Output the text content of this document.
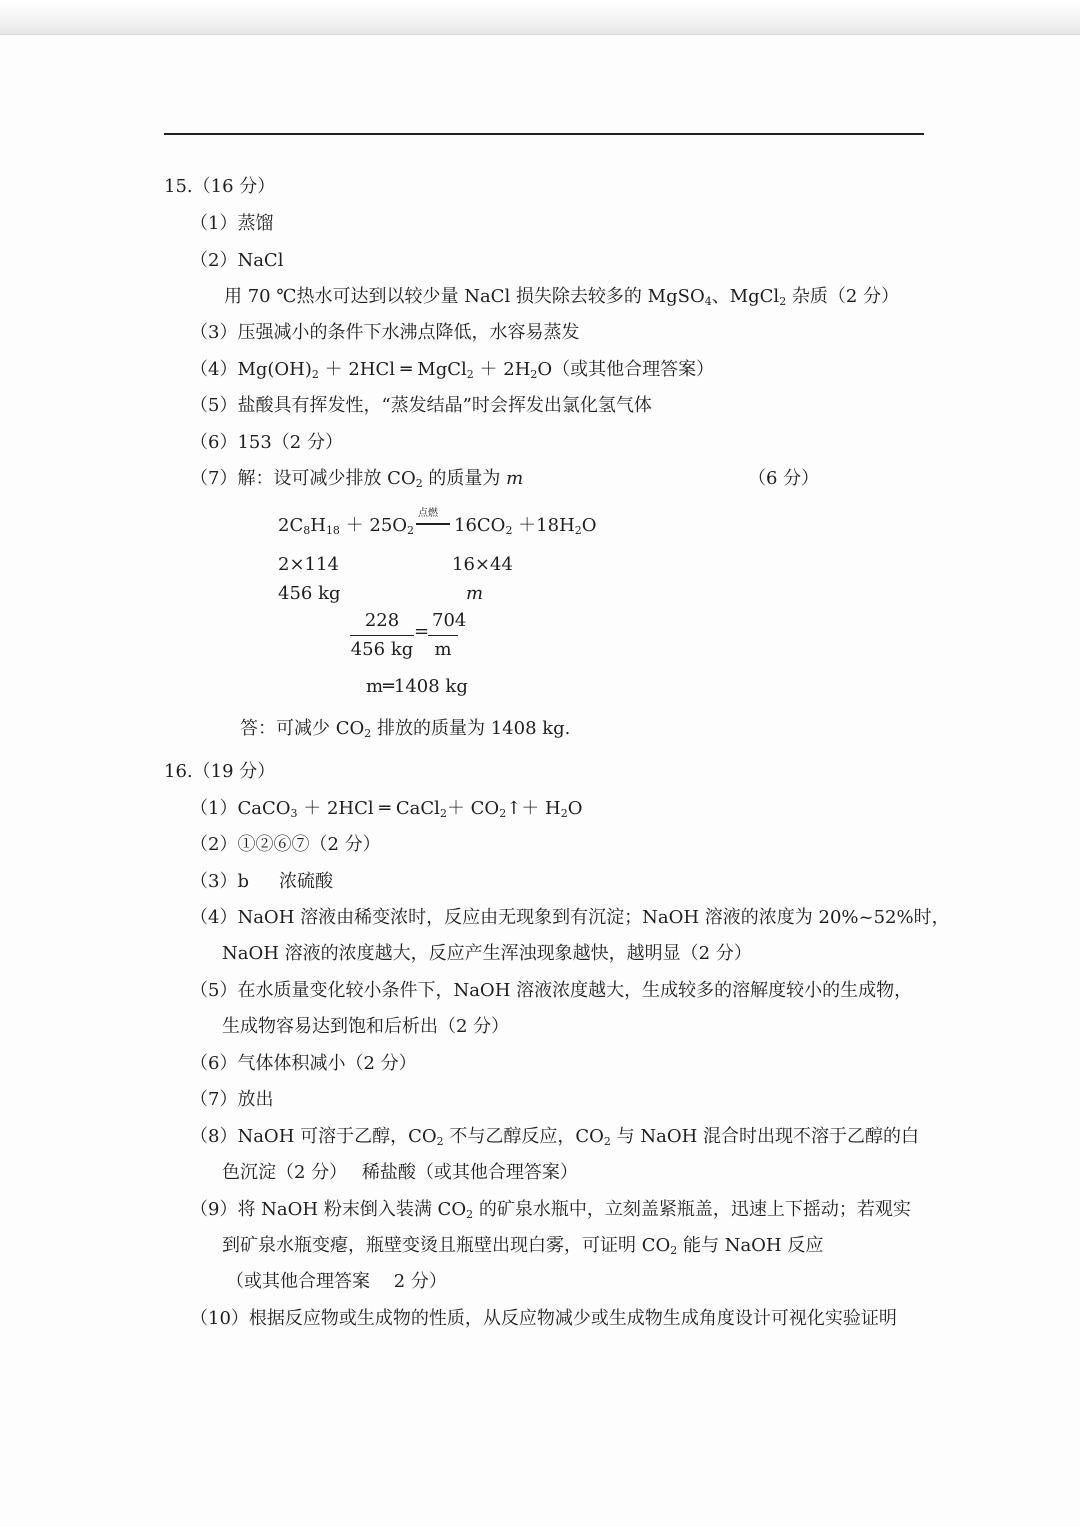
15.（16 分）
（1）蒸馏
（2）NaCl
用 70 ℃热水可达到以较少量 NaCl 损失除去较多的 MgSO$_4$、MgCl$_2$ 杂质（2 分）
（3）压强减小的条件下水沸点降低，水容易蒸发
$(4)Mg(OH)_2 + 2HCl$ ═ MgCl$_2$ ＋ $2H_2O$（或其他合理答案）
（5）盐酸具有挥发性，“蒸发结晶”时会挥发出氯化氢气体
（6）153（2 分）
（7）解：设可减少排放 $CO_2$ 的质量为 m	（6 分）
$2C_8H_{18} + 25O_2$
点燃
$16CO_2 +18H_2O$
2×114	16×44
456 kg	m
$\frac{228}{456 kg}$ =
$\frac{704}{m}$
m═1408 kg
答：可减少 $CO_2$ 排放的质量为 1408 kg.
16.（19 分）
（1）CaCO$_3$ ＋ 2HCl ═ CaCl$_2$＋ $CO_2↑+ H_2O$
（2）①②⑥⑦（2 分）
（3）b 浓硫酸
（4）NaOH 溶液由稀变浓时，反应由无现象到有沉淀；NaOH 溶液的浓度为 20%~52%时，
NaOH 溶液的浓度越大，反应产生浑浊现象越快，越明显（2 分）
（5）在水质量变化较小条件下，NaOH 溶液浓度越大，生成较多的溶解度较小的生成物，
生成物容易达到饱和后析出（2 分）
（6）气体体积减小（2 分）
（7）放出
（8）NaOH 可溶于乙醇，$CO_2$ 不与乙醇反应，$CO_2$ 与 NaOH 混合时出现不溶于乙醇的白
色沉淀（2 分）　 稀盐酸（或其他合理答案）
（9）将 NaOH 粉末倒入装满 $CO_2$ 的矿泉水瓶中，立刻盖紧瓶盖，迅速上下摇动；若观实
到矿泉水瓶变瘪，瓶壁变烫且瓶壁出现白雾，可证明 $CO_2$ 能与 NaOH 反应
（或其他合理答案　 2 分）
（10）根据反应物或生成物的性质，从反应物减少或生成物生成角度设计可视化实验证明
